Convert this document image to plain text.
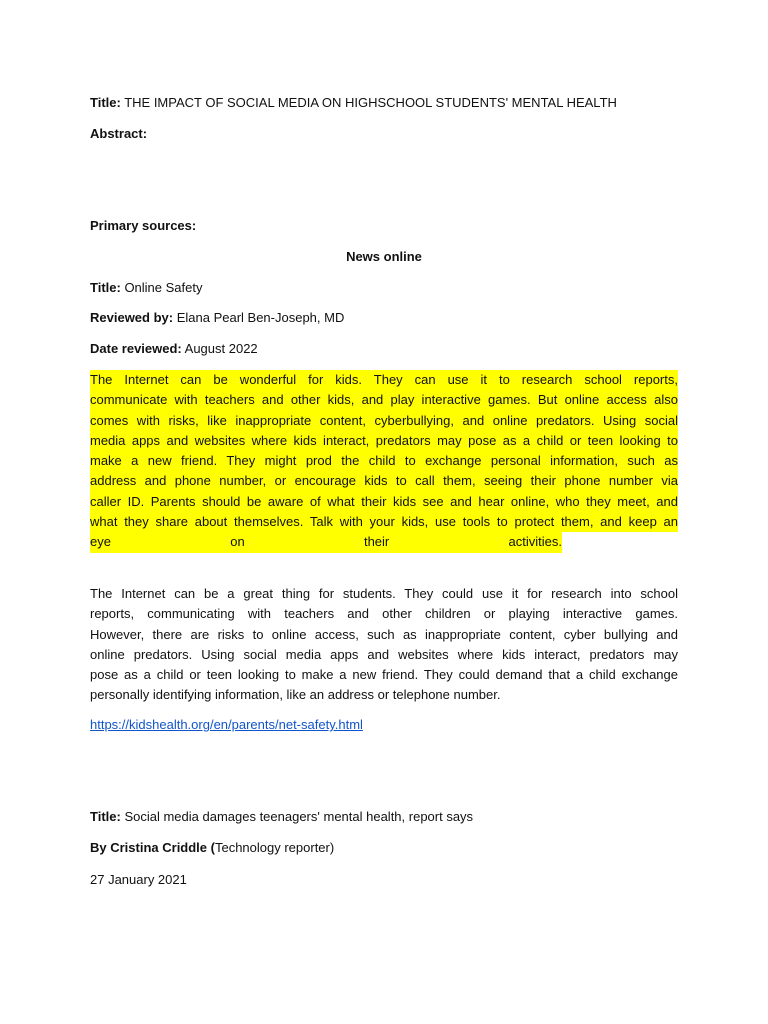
Title: THE IMPACT OF SOCIAL MEDIA ON HIGHSCHOOL STUDENTS' MENTAL HEALTH
Abstract:
Primary sources:
News online
Title: Online Safety
Reviewed by: Elana Pearl Ben-Joseph, MD
Date reviewed: August 2022
The Internet can be wonderful for kids. They can use it to research school reports,
communicate with teachers and other kids, and play interactive games. But online access also
comes with risks, like inappropriate content, cyberbullying, and online predators. Using social
media apps and websites where kids interact, predators may pose as a child or teen looking to
make a new friend. They might prod the child to exchange personal information, such as
address and phone number, or encourage kids to call them, seeing their phone number via
caller ID. Parents should be aware of what their kids see and hear online, who they meet, and
what they share about themselves. Talk with your kids, use tools to protect them, and keep an
eye on their activities.
The Internet can be a great thing for students. They could use it for research into school
reports, communicating with teachers and other children or playing interactive games.
However, there are risks to online access, such as inappropriate content, cyber bullying and
online predators. Using social media apps and websites where kids interact, predators may
pose as a child or teen looking to make a new friend. They could demand that a child exchange
personally identifying information, like an address or telephone number.
https://kidshealth.org/en/parents/net-safety.html
Title: Social media damages teenagers' mental health, report says
By Cristina Criddle (Technology reporter)
27 January 2021
